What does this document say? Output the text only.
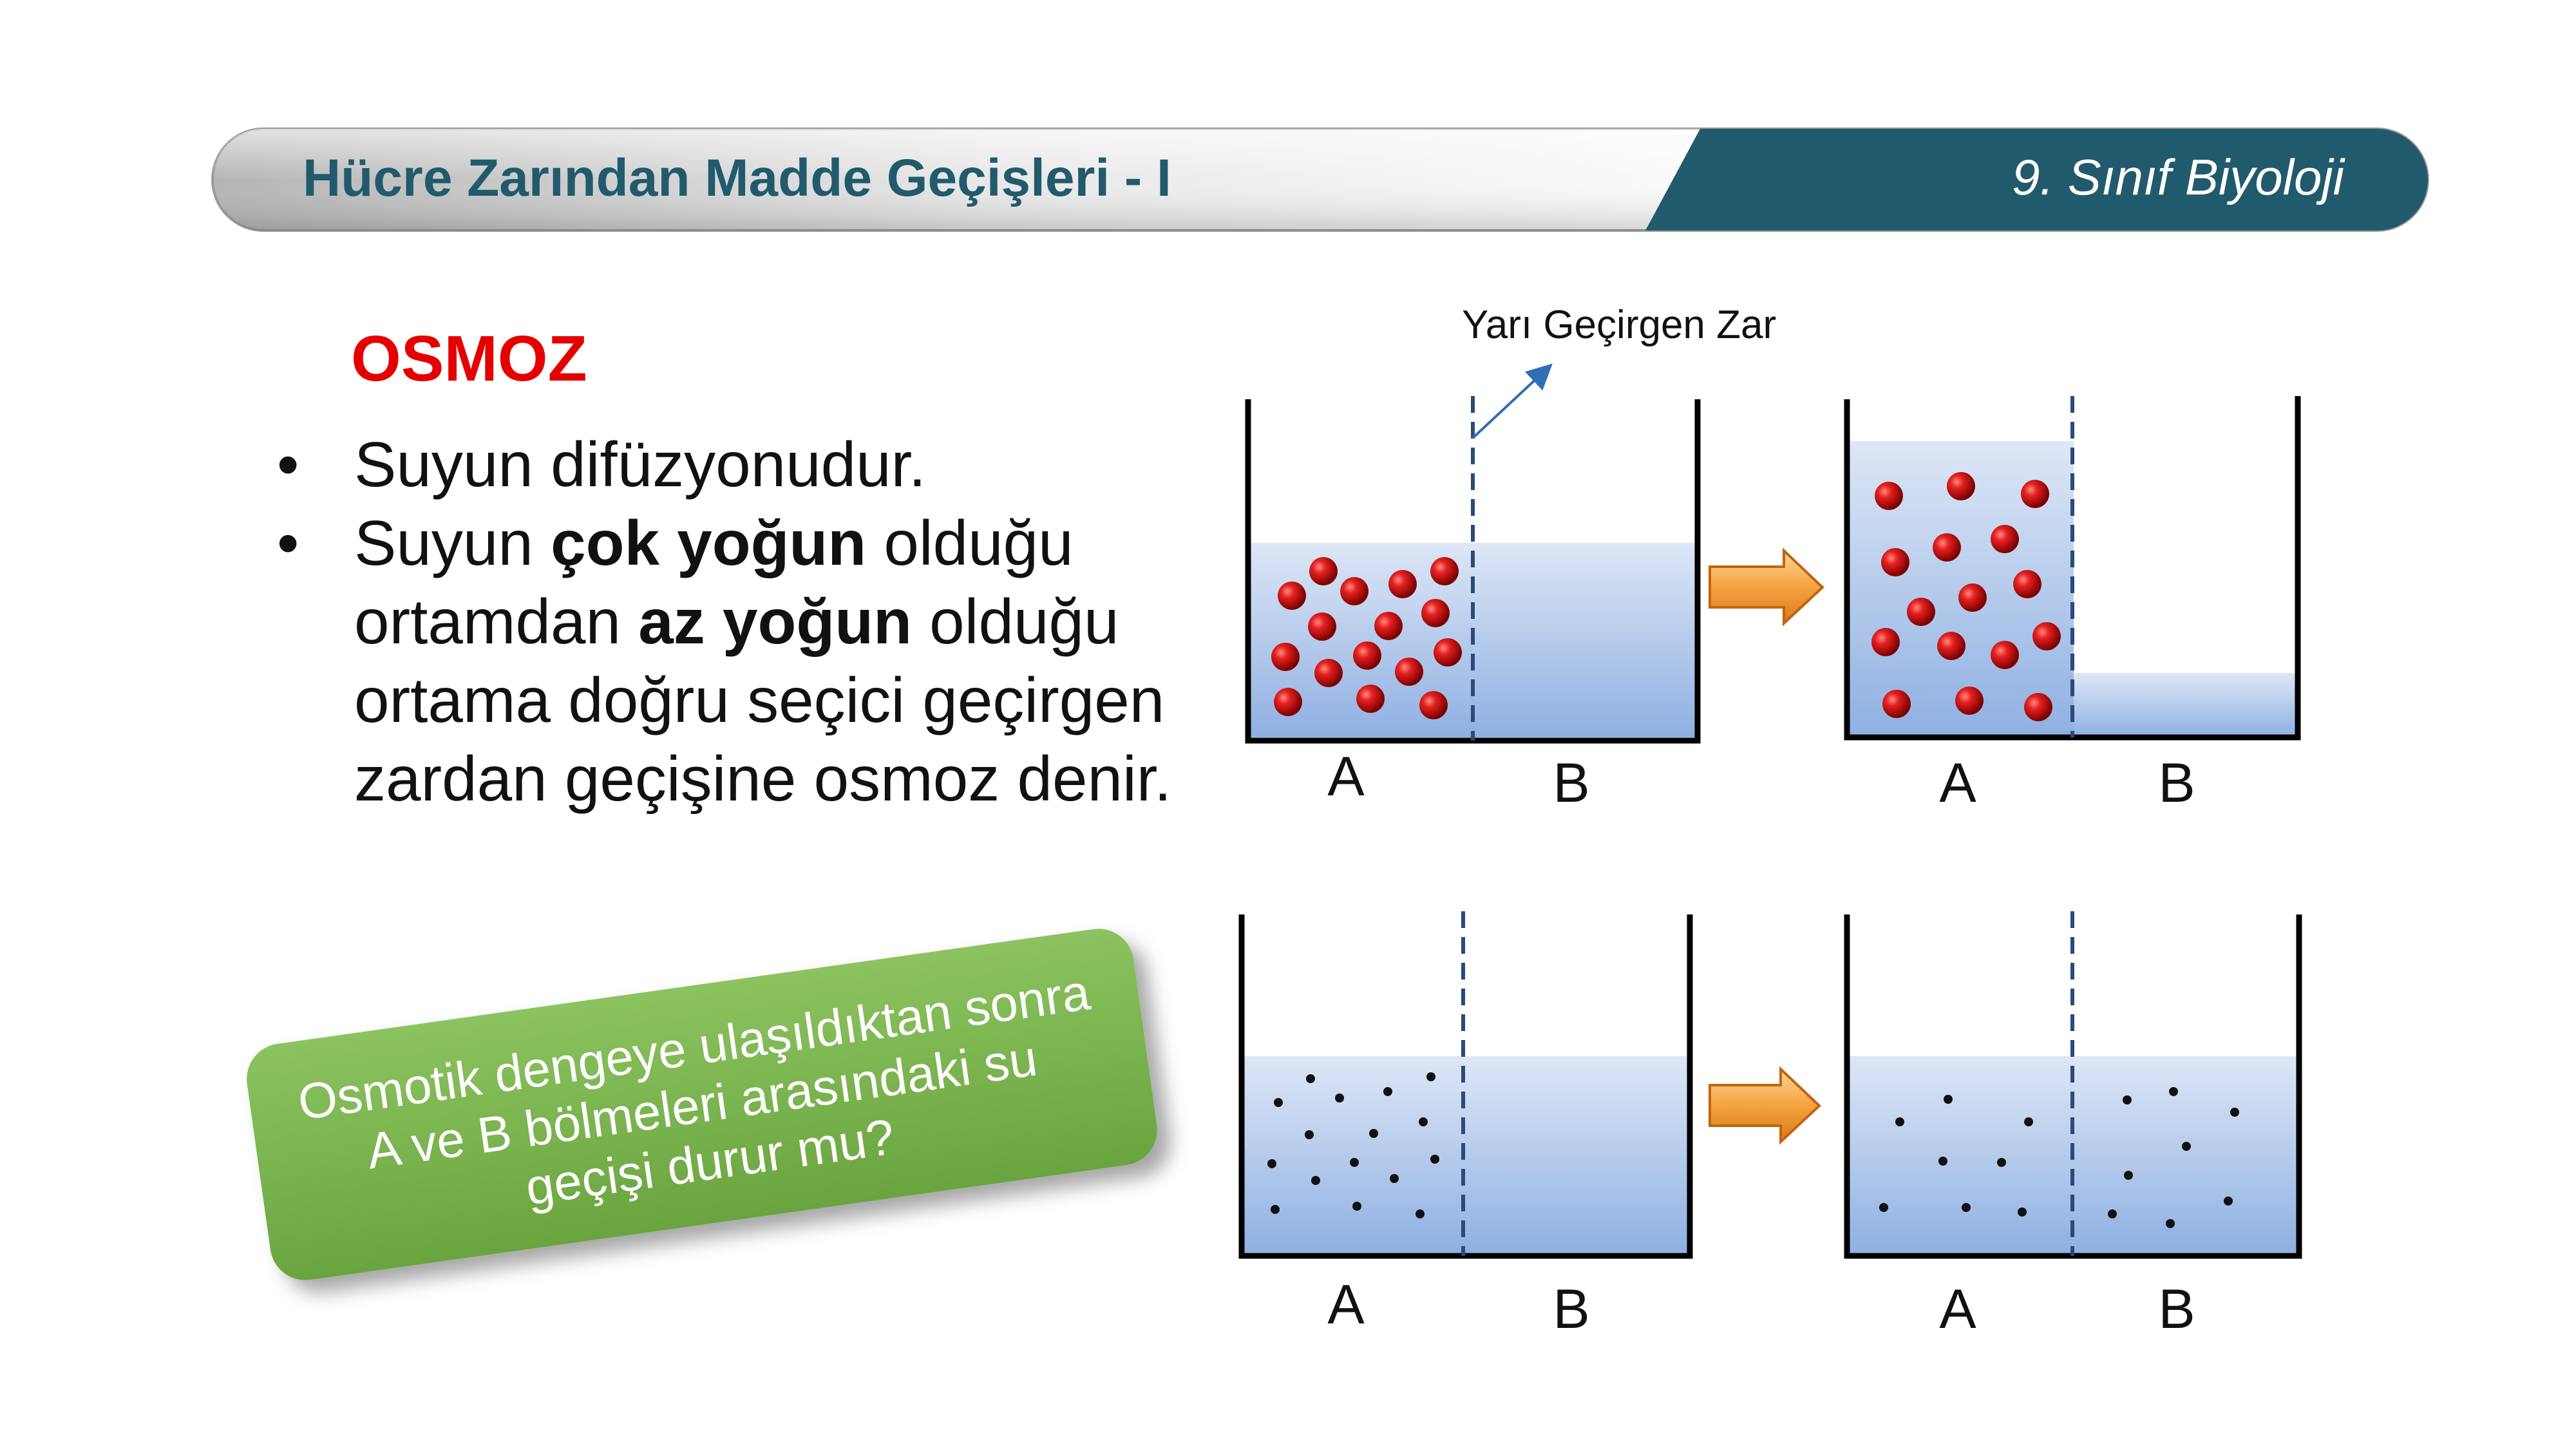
Yarı Geçirgen Zar
A	B	A	B
A	B	A	B
Hücre Zarından Madde Geçişleri - I	9. Sınıf Biyoloji
OSMOZ
• Suyun difüzyonudur.
• Suyun çok yoğun olduğu ortamdan az yoğun olduğu ortama doğru seçici geçirgen zardan geçişine osmoz denir.
Osmotik dengeye ulaşıldıktan sonra A ve B bölmeleri arasındaki su geçişi durur mu?
